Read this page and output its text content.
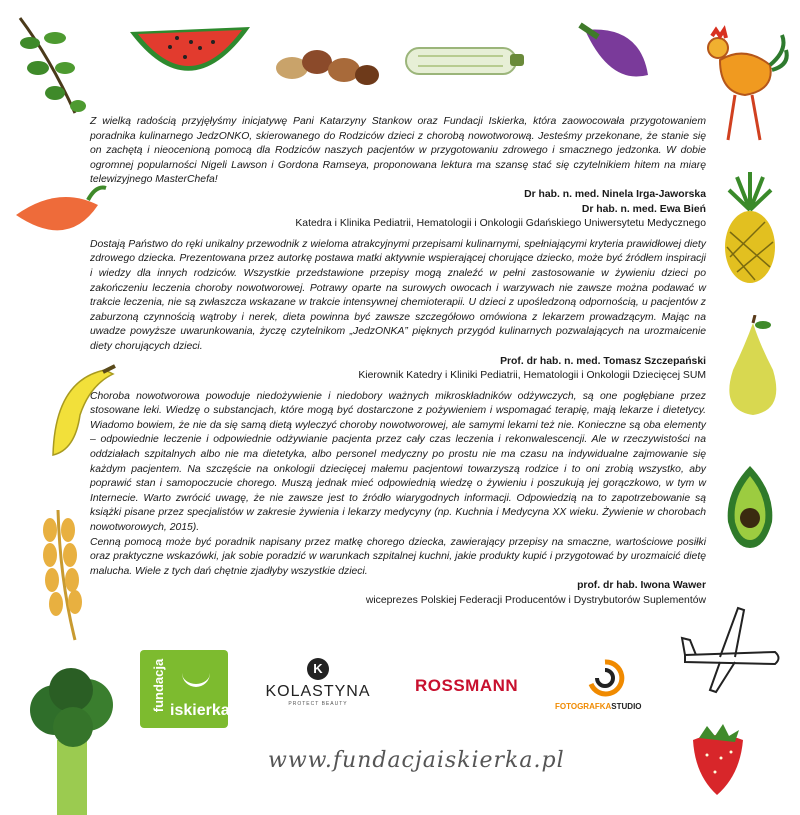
Z wielką radością przyjęłyśmy inicjatywę Pani Katarzyny Stankow oraz Fundacji Iskierka, która zaowocowała przygotowaniem poradnika kulinarnego JedzONKO, skierowanego do Rodziców dzieci z chorobą nowotworową. Jesteśmy przekonane, że stanie się on zachętą i nieocenioną pomocą dla Rodziców naszych pacjentów w przygotowaniu zdrowego i smacznego jedzonka. W dobie ogromnej popularności Nigeli Lawson i Gordona Ramseya, proponowana lektura ma szansę stać się czytelnikiem hitem na miarę telewizyjnego MasterChefa!

Dr hab. n. med. Ninela Irga-Jaworska

Dr hab. n. med. Ewa Bień

Katedra i Klinika Pediatrii, Hematologii i Onkologii Gdańskiego Uniwersytetu Medycznego

Dostają Państwo do ręki unikalny przewodnik z wieloma atrakcyjnymi przepisami kulinarnymi, spełniającymi kryteria prawidłowej diety zdrowego dziecka. Prezentowana przez autorkę postawa matki aktywnie wspierającej chorujące dziecko, może być źródłem inspiracji i wiedzy dla innych rodziców. Wszystkie przedstawione przepisy mogą znaleźć w pełni zastosowanie w żywieniu dzieci po zakończeniu leczenia choroby nowotworowej. Potrawy oparte na surowych owocach i warzywach nie zawsze można podawać w trakcie leczenia, nie są zwłaszcza wskazane w trakcie intensywnej chemioterapii. U dzieci z upośledzoną odpornością, u pacjentów z zaburzoną czynnością wątroby i nerek, dieta powinna być zawsze szczegółowo omówiona z lekarzem prowadzącym. Mając na uwadze powyższe uwarunkowania, życzę czytelnikom „JedzONKA” pięknych przygód kulinarnych pozwalających na urozmaicenie diety chorujących dzieci.

Prof. dr hab. n. med. Tomasz Szczepański

Kierownik Katedry i Kliniki Pediatrii, Hematologii i Onkologii Dziecięcej SUM

Choroba nowotworowa powoduje niedożywienie i niedobory ważnych mikroskładników odżywczych, są one pogłębiane przez stosowane leki. Wiedzę o substancjach, które mogą być dostarczone z pożywieniem i wspomagać terapię, mają lekarze i dietetycy. Wiadomo bowiem, że nie da się samą dietą wyleczyć choroby nowotworowej, ale samymi lekami też nie. Konieczne są oba elementy – odpowiednie leczenie i odpowiednie odżywianie pacjenta przez cały czas leczenia i rekonwalescencji. Ale w rzeczywistości na oddziałach szpitalnych albo nie ma dietetyka, albo personel medyczny po prostu nie ma czasu na indywidualne zajmowanie się każdym pacjentem. Na szczęście na onkologii dziecięcej małemu pacjentowi towarzyszą rodzice i to oni zrobią wszystko, aby poprawić stan i samopoczucie chorego. Muszą jednak mieć odpowiednią wiedzę o żywieniu i poszukują jej gorączkowo, w tym w Internecie. Warto zwrócić uwagę, że nie zawsze jest to źródło wiarygodnych informacji. Odpowiedzią na to zapotrzebowanie są książki pisane przez specjalistów w zakresie żywienia i lekarzy medycyny (np. Kuchnia i Medycyna XX wieku. Żywienie w chorobach nowotworowych, 2015).

Cenną pomocą może być poradnik napisany przez matkę chorego dziecka, zawierający przepisy na smaczne, wartościowe posiłki oraz praktyczne wskazówki, jak sobie poradzić w warunkach szpitalnej kuchni, jakie produkty kupić i przygotować by urozmaicić dietę malucha. Wiele z tych dań chętnie zjadłyby wszystkie dzieci.

prof. dr hab. Iwona Wawer

wiceprezes Polskiej Federacji Producentów i Dystrybutorów Suplementów

fundacja iskierka
K
KOLASTYNA
PROTECT BEAUTY
ROSSMANN
FOTOGRAFKASTUDIO
www.fundacjaiskierka.pl
